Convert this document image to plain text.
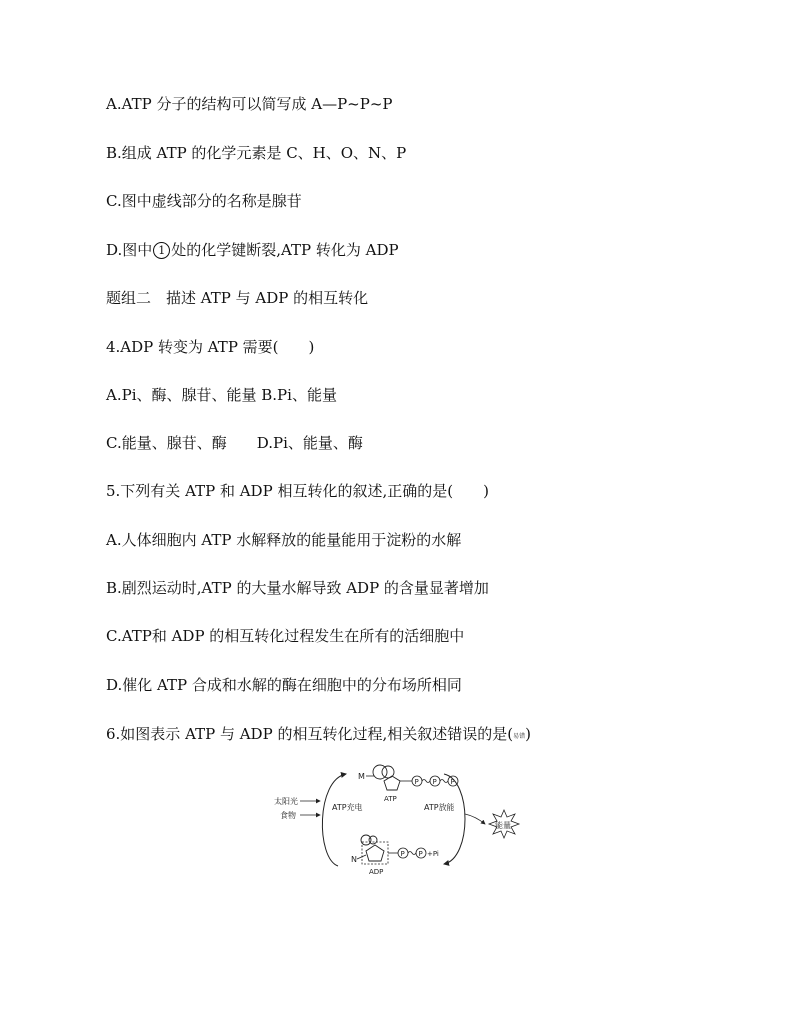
A.ATP 分子的结构可以简写成 A—P~P~P
B.组成 ATP 的化学元素是 C、H、O、N、P
C.图中虚线部分的名称是腺苷
D.图中 1 处的化学键断裂,ATP 转化为 ADP
题组二　描述 ATP 与 ADP 的相互转化
4.ADP 转变为 ATP 需要(　　)
A.Pi、酶、腺苷、能量 B.Pi、能量
C.能量、腺苷、酶　　D.Pi、能量、酶
5.下列有关 ATP 和 ADP 相互转化的叙述,正确的是(　　)
A.人体细胞内 ATP 水解释放的能量能用于淀粉的水解
B.剧烈运动时,ATP 的大量水解导致 ADP 的含量显著增加
C.ATP和 ADP 的相互转化过程发生在所有的活细胞中
D.催化 ATP 合成和水解的酶在细胞中的分布场所相同
6.如图表示 ATP 与 ADP 的相互转化过程,相关叙述错误的是(易错)
太阳光
食物
ATP充电	ATP放能
M
P P P
ATP
N
P P +Pi
ADP
能量
